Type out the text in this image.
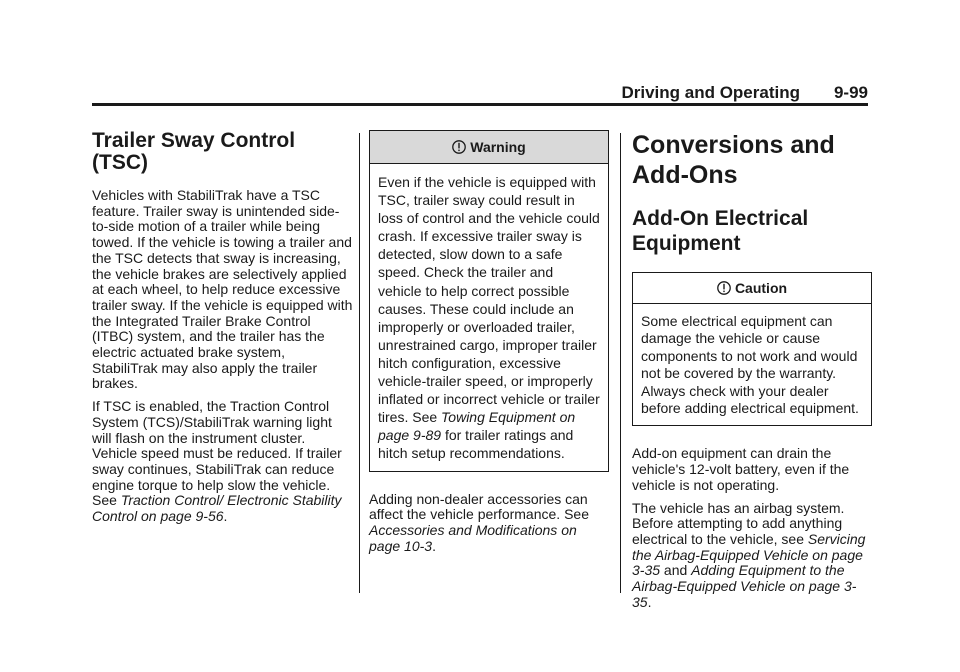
Driving and Operating 9-99
Trailer Sway Control (TSC)

Vehicles with StabiliTrak have a TSC feature. Trailer sway is unintended side-to-side motion of a trailer while being towed. If the vehicle is towing a trailer and the TSC detects that sway is increasing, the vehicle brakes are selectively applied at each wheel, to help reduce excessive trailer sway. If the vehicle is equipped with the Integrated Trailer Brake Control (ITBC) system, and the trailer has the electric actuated brake system, StabiliTrak may also apply the trailer brakes.

If TSC is enabled, the Traction Control System (TCS)/StabiliTrak warning light will flash on the instrument cluster. Vehicle speed must be reduced. If trailer sway continues, StabiliTrak can reduce engine torque to help slow the vehicle. See Traction Control/ Electronic Stability Control on page 9-56.

Warning
Even if the vehicle is equipped with TSC, trailer sway could result in loss of control and the vehicle could crash. If excessive trailer sway is detected, slow down to a safe speed. Check the trailer and vehicle to help correct possible causes. These could include an improperly or overloaded trailer, unrestrained cargo, improper trailer hitch configuration, excessive vehicle-trailer speed, or improperly inflated or incorrect vehicle or trailer tires. See Towing Equipment on page 9-89 for trailer ratings and hitch setup recommendations.

Adding non-dealer accessories can affect the vehicle performance. See Accessories and Modifications on page 10-3.

Conversions and Add-Ons
Add-On Electrical Equipment
Caution
Some electrical equipment can damage the vehicle or cause components to not work and would not be covered by the warranty. Always check with your dealer before adding electrical equipment.

Add-on equipment can drain the vehicle's 12-volt battery, even if the vehicle is not operating.

The vehicle has an airbag system. Before attempting to add anything electrical to the vehicle, see Servicing the Airbag-Equipped Vehicle on page 3-35 and Adding Equipment to the Airbag-Equipped Vehicle on page 3-35.
